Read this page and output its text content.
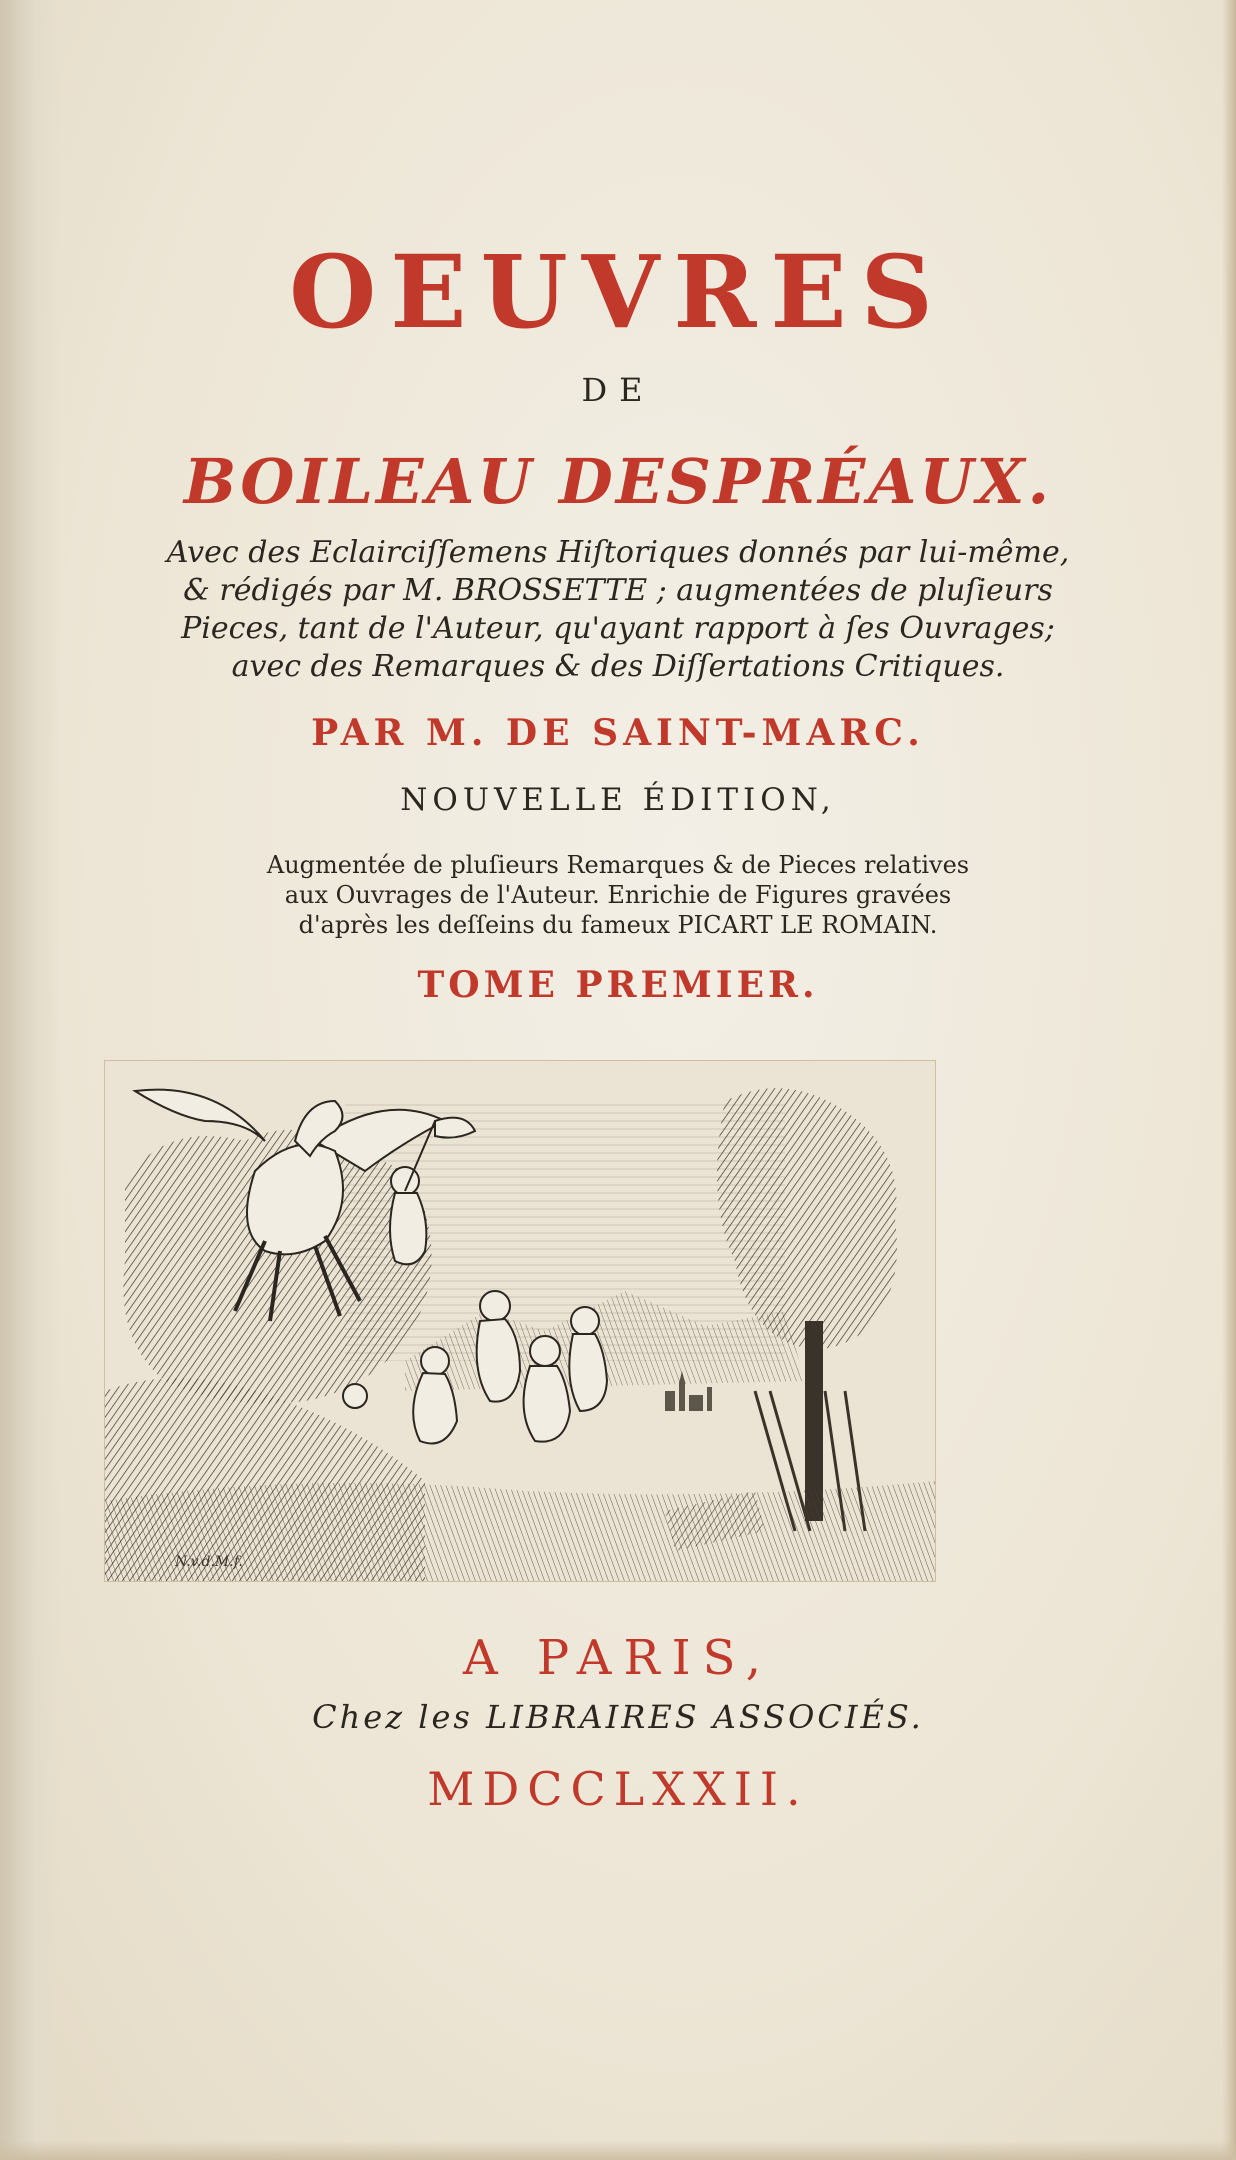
OEUVRES
DE
BOILEAU DESPRÉAUX.
Avec des Eclairciſſemens Hiſtoriques donnés par lui-même,
& rédigés par M. BROSSETTE ; augmentées de pluſieurs
Pieces, tant de l'Auteur, qu'ayant rapport à ſes Ouvrages;
avec des Remarques & des Diſſertations Critiques.
PAR M. DE SAINT-MARC.
NOUVELLE ÉDITION,
Augmentée de pluſieurs Remarques & de Pieces relatives
aux Ouvrages de l'Auteur. Enrichie de Figures gravées
d'après les deſſeins du fameux PICART LE ROMAIN.
TOME PREMIER.
N.v.d.M.f.
A PARIS,
Chez les LIBRAIRES ASSOCIÉS.
MDCCLXXII.
